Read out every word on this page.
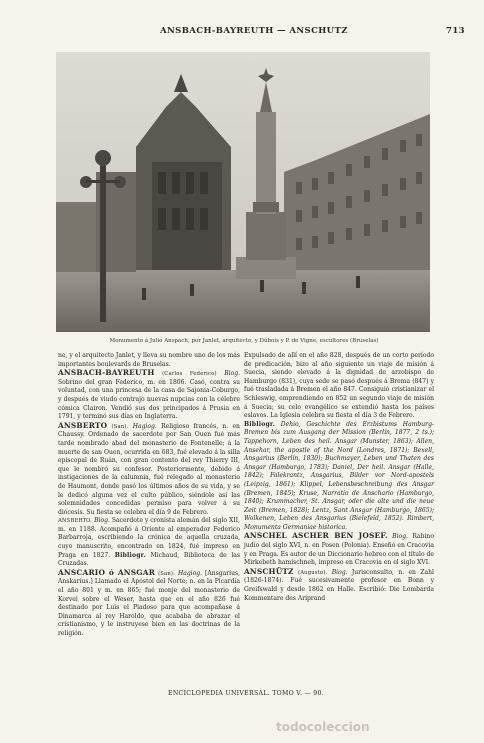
ANSBACH-BAYREUTH — ANSCHUTZ	713
Monumento á Julio Anspach, por Janlet, arquitecto, y Dúbois y P. de Vigne, escultores (Bruselas)

ne, y el arquitecto Janlet, y lleva su nombre uno de los más importantes boulevards de Bruselas.

ANSBACH-BAYREUTH (Carlos Federico) Biog. Sobrino del gran Federico, m. en 1806. Casó, contra su voluntad, con una princesa de la casa de Sajonia-Coburgo, y después de viudo contrajo nuevas nupcias con la célebre cómica Clairon. Vendió sus dos principados á Prusia en 1791, y terminó sus días en Inglaterra.

ANSBERTO (San). Hagiog. Religioso francés, n. en Chaussy. Ordenado de sacerdote por San Ouen fué más tarde nombrado abad del monasterio de Fontenelle; á la muerte de san Ouen, ocurrida en 683, fué elevado á la silla episcopal de Ruán, con gran contento del rey Thierry III, que le nombró su confesor. Posteriormente, debido á instigaciones de la calumnia, fué relegado al monasterio de Haumont, donde pasó los últimos años de su vida, y se le dedicó alguna vez el culto público, siéndole así las solemnidades concedidas permiso para volver á su diócesis. Su fiesta se celebra el día 9 de Febrero.

ANSBERTO. Biog. Sacerdote y cronista alemán del siglo XII, m. en 1188. Acompañó á Oriente al emperador Federico Barbarroja, escribiendo la crónica de aquella cruzada, cuyo manuscrito, encontrado en 1824, fué impreso en Praga en 1827. Bibliogr. Michaud, Biblioteca de las Cruzadas.

ANSCARIO ó ANSGAR (San). Hagiog. [Ansgarius, Anskarius.] Llamado el Apóstol del Norte; n. en la Picardía el año 801 y m. en 865; fué monje del monasterio de Korvei sobre el Weser, hasta que en el año 826 fué destinado por Luis el Piadoso para que acompañase á Dinamarca al rey Haroldo, que acababa de abrazar el cristianismo, y le instruyese bien en las doctrinas de la religión.

Expulsado de allí en el año 828, después de un corto período de predicación, bizo al año siguiente un viaje de misión á Suecia, siendo elevado á la dignidad de arzobispo de Hamburgo (831), cuya sede se pasó después á Brema (847) y fué trasladada á Bremen el año 847. Consiguió cristianizar el Schleswig, emprendiendo en 852 un segundo viaje de misión á Suecia; su celo evangélico se extendió hasta los países eslavos. La Iglesia celebra su fiesta el día 3 de Febrero.

Bibliogr. Dehio, Geschichte des Erzbistums Hamburg-Bremen bis zum Ausgang der Mission (Berlín, 1877, 2 ts.); Tappehorn, Leben des heil. Ansgar (Munster, 1863); Allen, Ansehar, the apostle of the Nord (Londres, 1871); Bexell, Ansgarius (Berlín, 1830); Buchmayer, Leben und Thaten des Ansgar (Hamburgo, 1783); Daniel, Der heil. Ansgar (Halle, 1842); Falekrantz, Ansgarius, Bilder vor Nord-apostels (Leipzig, 1861); Klippel, Lebensbeschreibung des Ansgar (Bremen, 1845); Kruse, Narratio de Anschario (Hamburgo, 1840); Krummacher, St. Ansgar, oder die alte und die neue Zeit (Bremen, 1828); Lentz, Sant Ansgar (Hamburgo, 1865); Wolkenen, Leben des Ansgarius (Bielefeld, 1852). Rimbert, Monumenta Germaniae historica.

ANSCHEL ASCHER BEN JOSEF. Biog. Rabino judío del siglo XVI, n. en Posen (Polonia). Enseñó en Cracovia y en Praga. Es autor de un Diccionario hebreo con el título de Mirkebeth hamischneh, impreso en Cracovia en el siglo XVI.

ANSCHÜTZ (Augusto). Biog. Jurisconsulto, n. en Zahl (1826-1874). Fué sucesivamente profesor en Bonn y Greifswald y desde 1862 en Halle. Escribió: Die Lombarda Kommentare des Ariprand

ENCICLOPEDIA UNIVERSAL. TOMO V. — 90.
todocoleccion
